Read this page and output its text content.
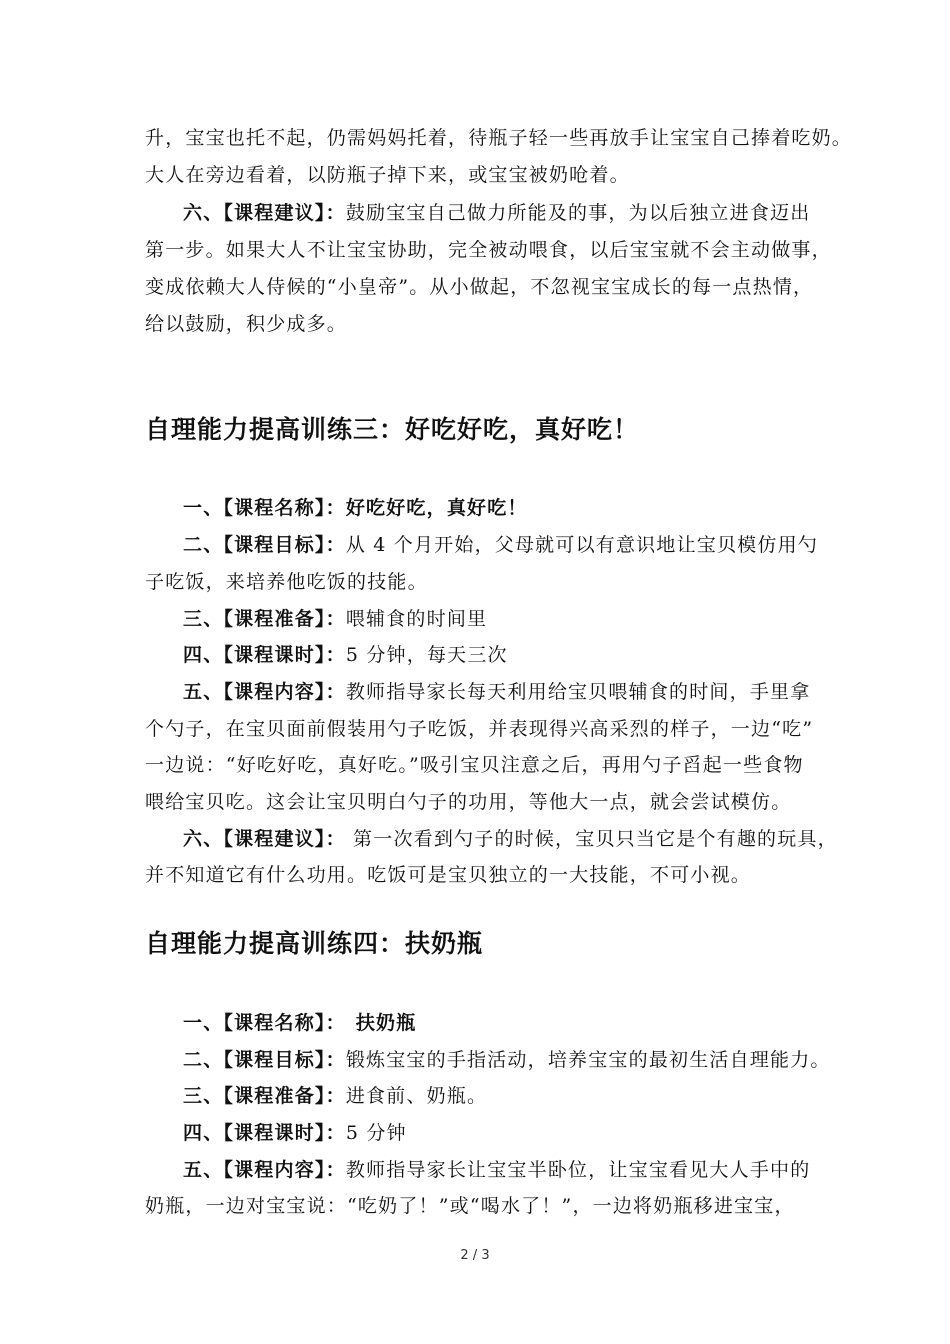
升，宝宝也托不起，仍需妈妈托着，待瓶子轻一些再放手让宝宝自己捧着吃奶。
大人在旁边看着，以防瓶子掉下来，或宝宝被奶呛着。
六、【课程建议】：鼓励宝宝自己做力所能及的事，为以后独立进食迈出
第一步。如果大人不让宝宝协助，完全被动喂食，以后宝宝就不会主动做事，
变成依赖大人侍候的“小皇帝”。从小做起，不忽视宝宝成长的每一点热情，
给以鼓励，积少成多。
自理能力提高训练三：好吃好吃，真好吃！
一、【课程名称】：好吃好吃，真好吃！
二、【课程目标】：从 4 个月开始，父母就可以有意识地让宝贝模仿用勺
子吃饭，来培养他吃饭的技能。
三、【课程准备】：喂辅食的时间里
四、【课程课时】：5 分钟，每天三次
五、【课程内容】：教师指导家长每天利用给宝贝喂辅食的时间，手里拿
个勺子，在宝贝面前假装用勺子吃饭，并表现得兴高采烈的样子，一边“吃”
一边说：“好吃好吃，真好吃。”吸引宝贝注意之后，再用勺子舀起一些食物
喂给宝贝吃。这会让宝贝明白勺子的功用，等他大一点，就会尝试模仿。
六、【课程建议】： 第一次看到勺子的时候，宝贝只当它是个有趣的玩具，
并不知道它有什么功用。吃饭可是宝贝独立的一大技能，不可小视。
自理能力提高训练四：扶奶瓶
一、【课程名称】： 扶奶瓶
二、【课程目标】：锻炼宝宝的手指活动，培养宝宝的最初生活自理能力。
三、【课程准备】：进食前、奶瓶。
四、【课程课时】：5 分钟
五、【课程内容】：教师指导家长让宝宝半卧位，让宝宝看见大人手中的
奶瓶，一边对宝宝说：“吃奶了！”或“喝水了！”，一边将奶瓶移进宝宝，
2 / 3
